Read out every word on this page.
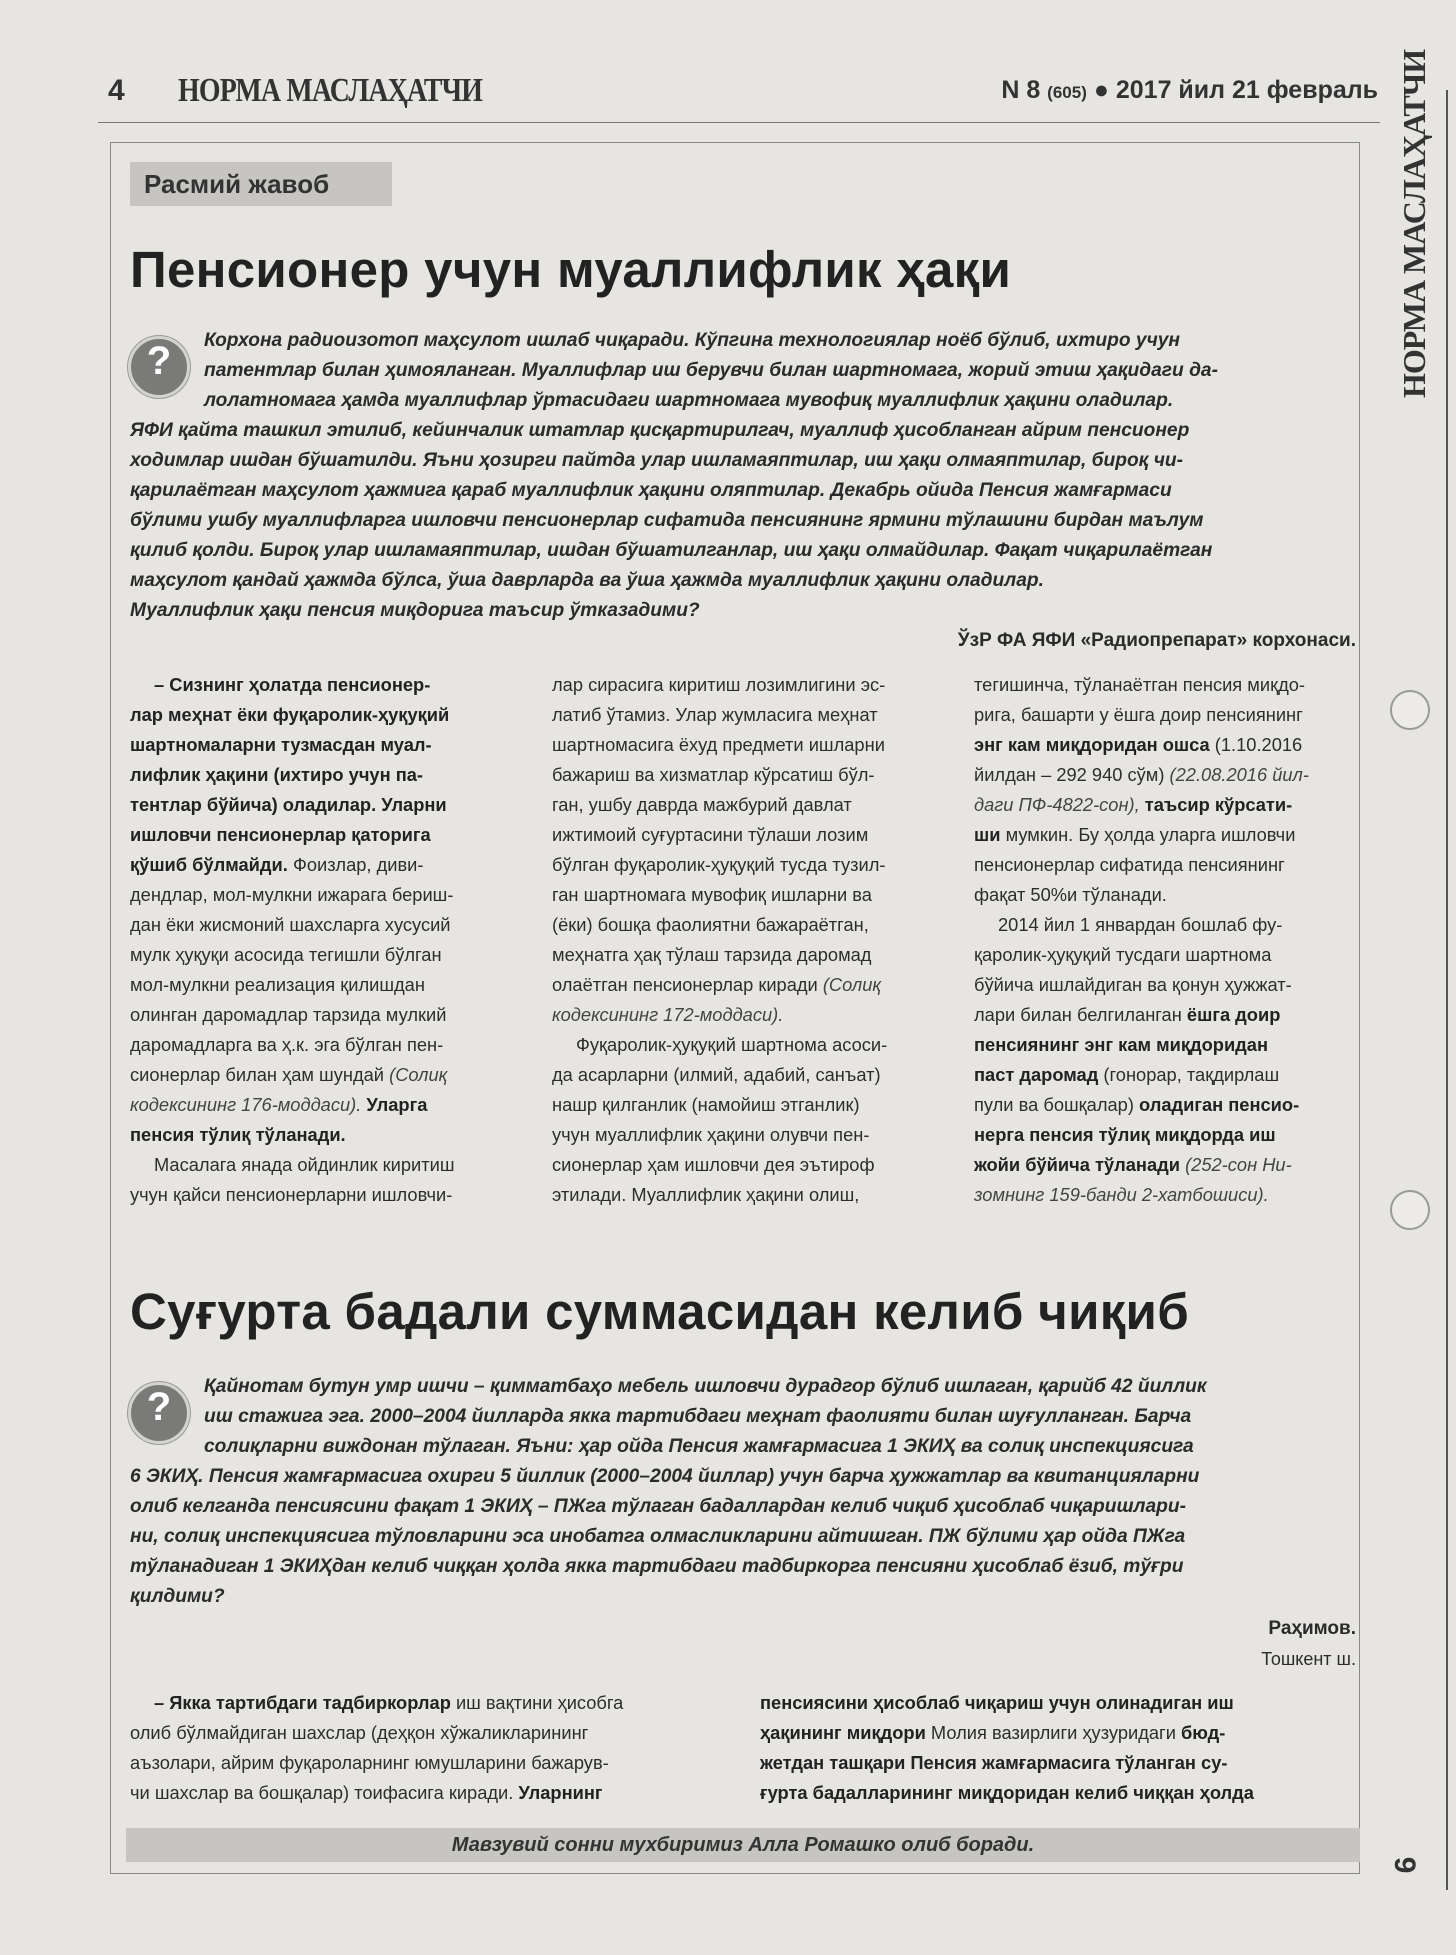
4 НОРМА МАСЛАҲАТЧИ	N 8 (605) ● 2017 йил 21 февраль НОРМА МАСЛАҲАТЧИ
6
Расмий жавоб
Пенсионер учун муаллифлик ҳақи
?	Корхона радиоизотоп маҳсулот ишлаб чиқаради. Кўпгина технологиялар ноёб бўлиб, ихтиро учун
патентлар билан ҳимояланган. Муаллифлар иш берувчи билан шартномага, жорий этиш ҳақидаги да-
лолатномага ҳамда муаллифлар ўртасидаги шартномага мувофиқ муаллифлик ҳақини оладилар.
ЯФИ қайта ташкил этилиб, кейинчалик штатлар қисқартирилгач, муаллиф ҳисобланган айрим пенсионер
ходимлар ишдан бўшатилди. Яъни ҳозирги пайтда улар ишламаяптилар, иш ҳақи олмаяптилар, бироқ чи-
қарилаётган маҳсулот ҳажмига қараб муаллифлик ҳақини оляптилар. Декабрь ойида Пенсия жамғармаси
бўлими ушбу муаллифларга ишловчи пенсионерлар сифатида пенсиянинг ярмини тўлашини бирдан маълум
қилиб қолди. Бироқ улар ишламаяптилар, ишдан бўшатилганлар, иш ҳақи олмайдилар. Фақат чиқарилаётган
маҳсулот қандай ҳажмда бўлса, ўша даврларда ва ўша ҳажмда муаллифлик ҳақини оладилар.
Муаллифлик ҳақи пенсия миқдорига таъсир ўтказадими?
ЎзР ФА ЯФИ «Радиопрепарат» корхонаси.
– Сизнинг ҳолатда пенсионер-
лар меҳнат ёки фуқаролик-ҳуқуқий
шартномаларни тузмасдан муал-
лифлик ҳақини (ихтиро учун па-
тентлар бўйича) оладилар. Уларни
ишловчи пенсионерлар қаторига
қўшиб бўлмайди. Фоизлар, диви-
дендлар, мол-мулкни ижарага бериш-
дан ёки жисмоний шахсларга хусусий
мулк ҳуқуқи асосида тегишли бўлган
мол-мулкни реализация қилишдан
олинган даромадлар тарзида мулкий
даромадларга ва ҳ.к. эга бўлган пен-
сионерлар билан ҳам шундай (Солиқ
кодексининг 176-моддаси). Уларга
пенсия тўлиқ тўланади.
Масалага янада ойдинлик киритиш
учун қайси пенсионерларни ишловчи-
лар сирасига киритиш лозимлигини эс-
латиб ўтамиз. Улар жумласига меҳнат
шартномасига ёхуд предмети ишларни
бажариш ва хизматлар кўрсатиш бўл-
ган, ушбу даврда мажбурий давлат
ижтимоий суғуртасини тўлаши лозим
бўлган фуқаролик-ҳуқуқий тусда тузил-
ган шартномага мувофиқ ишларни ва
(ёки) бошқа фаолиятни бажараётган,
меҳнатга ҳақ тўлаш тарзида даромад
олаётган пенсионерлар киради (Солиқ
кодексининг 172-моддаси).
Фуқаролик-ҳуқуқий шартнома асоси-
да асарларни (илмий, адабий, санъат)
нашр қилганлик (намойиш этганлик)
учун муаллифлик ҳақини олувчи пен-
сионерлар ҳам ишловчи дея эътироф
этилади. Муаллифлик ҳақини олиш,
тегишинча, тўланаётган пенсия миқдо-
рига, башарти у ёшга доир пенсиянинг
энг кам миқдоридан ошса (1.10.2016
йилдан – 292 940 сўм) (22.08.2016 йил-
даги ПФ-4822-сон), таъсир кўрсати-
ши мумкин. Бу ҳолда уларга ишловчи
пенсионерлар сифатида пенсиянинг
фақат 50%и тўланади.
2014 йил 1 январдан бошлаб фу-
қаролик-ҳуқуқий тусдаги шартнома
бўйича ишлайдиган ва қонун ҳужжат-
лари билан белгиланган ёшга доир
пенсиянинг энг кам миқдоридан
паст даромад (гонорар, тақдирлаш
пули ва бошқалар) оладиган пенсио-
нерга пенсия тўлиқ миқдорда иш
жойи бўйича тўланади (252-сон Ни-
зомнинг 159-банди 2-хатбошиси).
Суғурта бадали суммасидан келиб чиқиб
?	Қайнотам бутун умр ишчи – қимматбаҳо мебель ишловчи дурадгор бўлиб ишлаган, қарийб 42 йиллик
иш стажига эга. 2000–2004 йилларда якка тартибдаги меҳнат фаолияти билан шуғулланган. Барча
солиқларни виждонан тўлаган. Яъни: ҳар ойда Пенсия жамғармасига 1 ЭКИҲ ва солиқ инспекциясига
6 ЭКИҲ. Пенсия жамғармасига охирги 5 йиллик (2000–2004 йиллар) учун барча ҳужжатлар ва квитанцияларни
олиб келганда пенсиясини фақат 1 ЭКИҲ – ПЖга тўлаган бадаллардан келиб чиқиб ҳисоблаб чиқаришлари-
ни, солиқ инспекциясига тўловларини эса инобатга олмасликларини айтишган. ПЖ бўлими ҳар ойда ПЖга
тўланадиган 1 ЭКИҲдан келиб чиққан ҳолда якка тартибдаги тадбиркорга пенсияни ҳисоблаб ёзиб, тўғри
қилдими?
Раҳимов.
Тошкент ш.
– Якка тартибдаги тадбиркорлар иш вақтини ҳисобга
олиб бўлмайдиган шахслар (деҳқон хўжаликларининг
аъзолари, айрим фуқароларнинг юмушларини бажарув-
чи шахслар ва бошқалар) тоифасига киради. Уларнинг
пенсиясини ҳисоблаб чиқариш учун олинадиган иш
ҳақининг миқдори Молия вазирлиги ҳузуридаги бюд-
жетдан ташқари Пенсия жамғармасига тўланган су-
ғурта бадалларининг миқдоридан келиб чиққан ҳолда
Мавзувий сонни мухбиримиз Алла Ромашко олиб боради.
